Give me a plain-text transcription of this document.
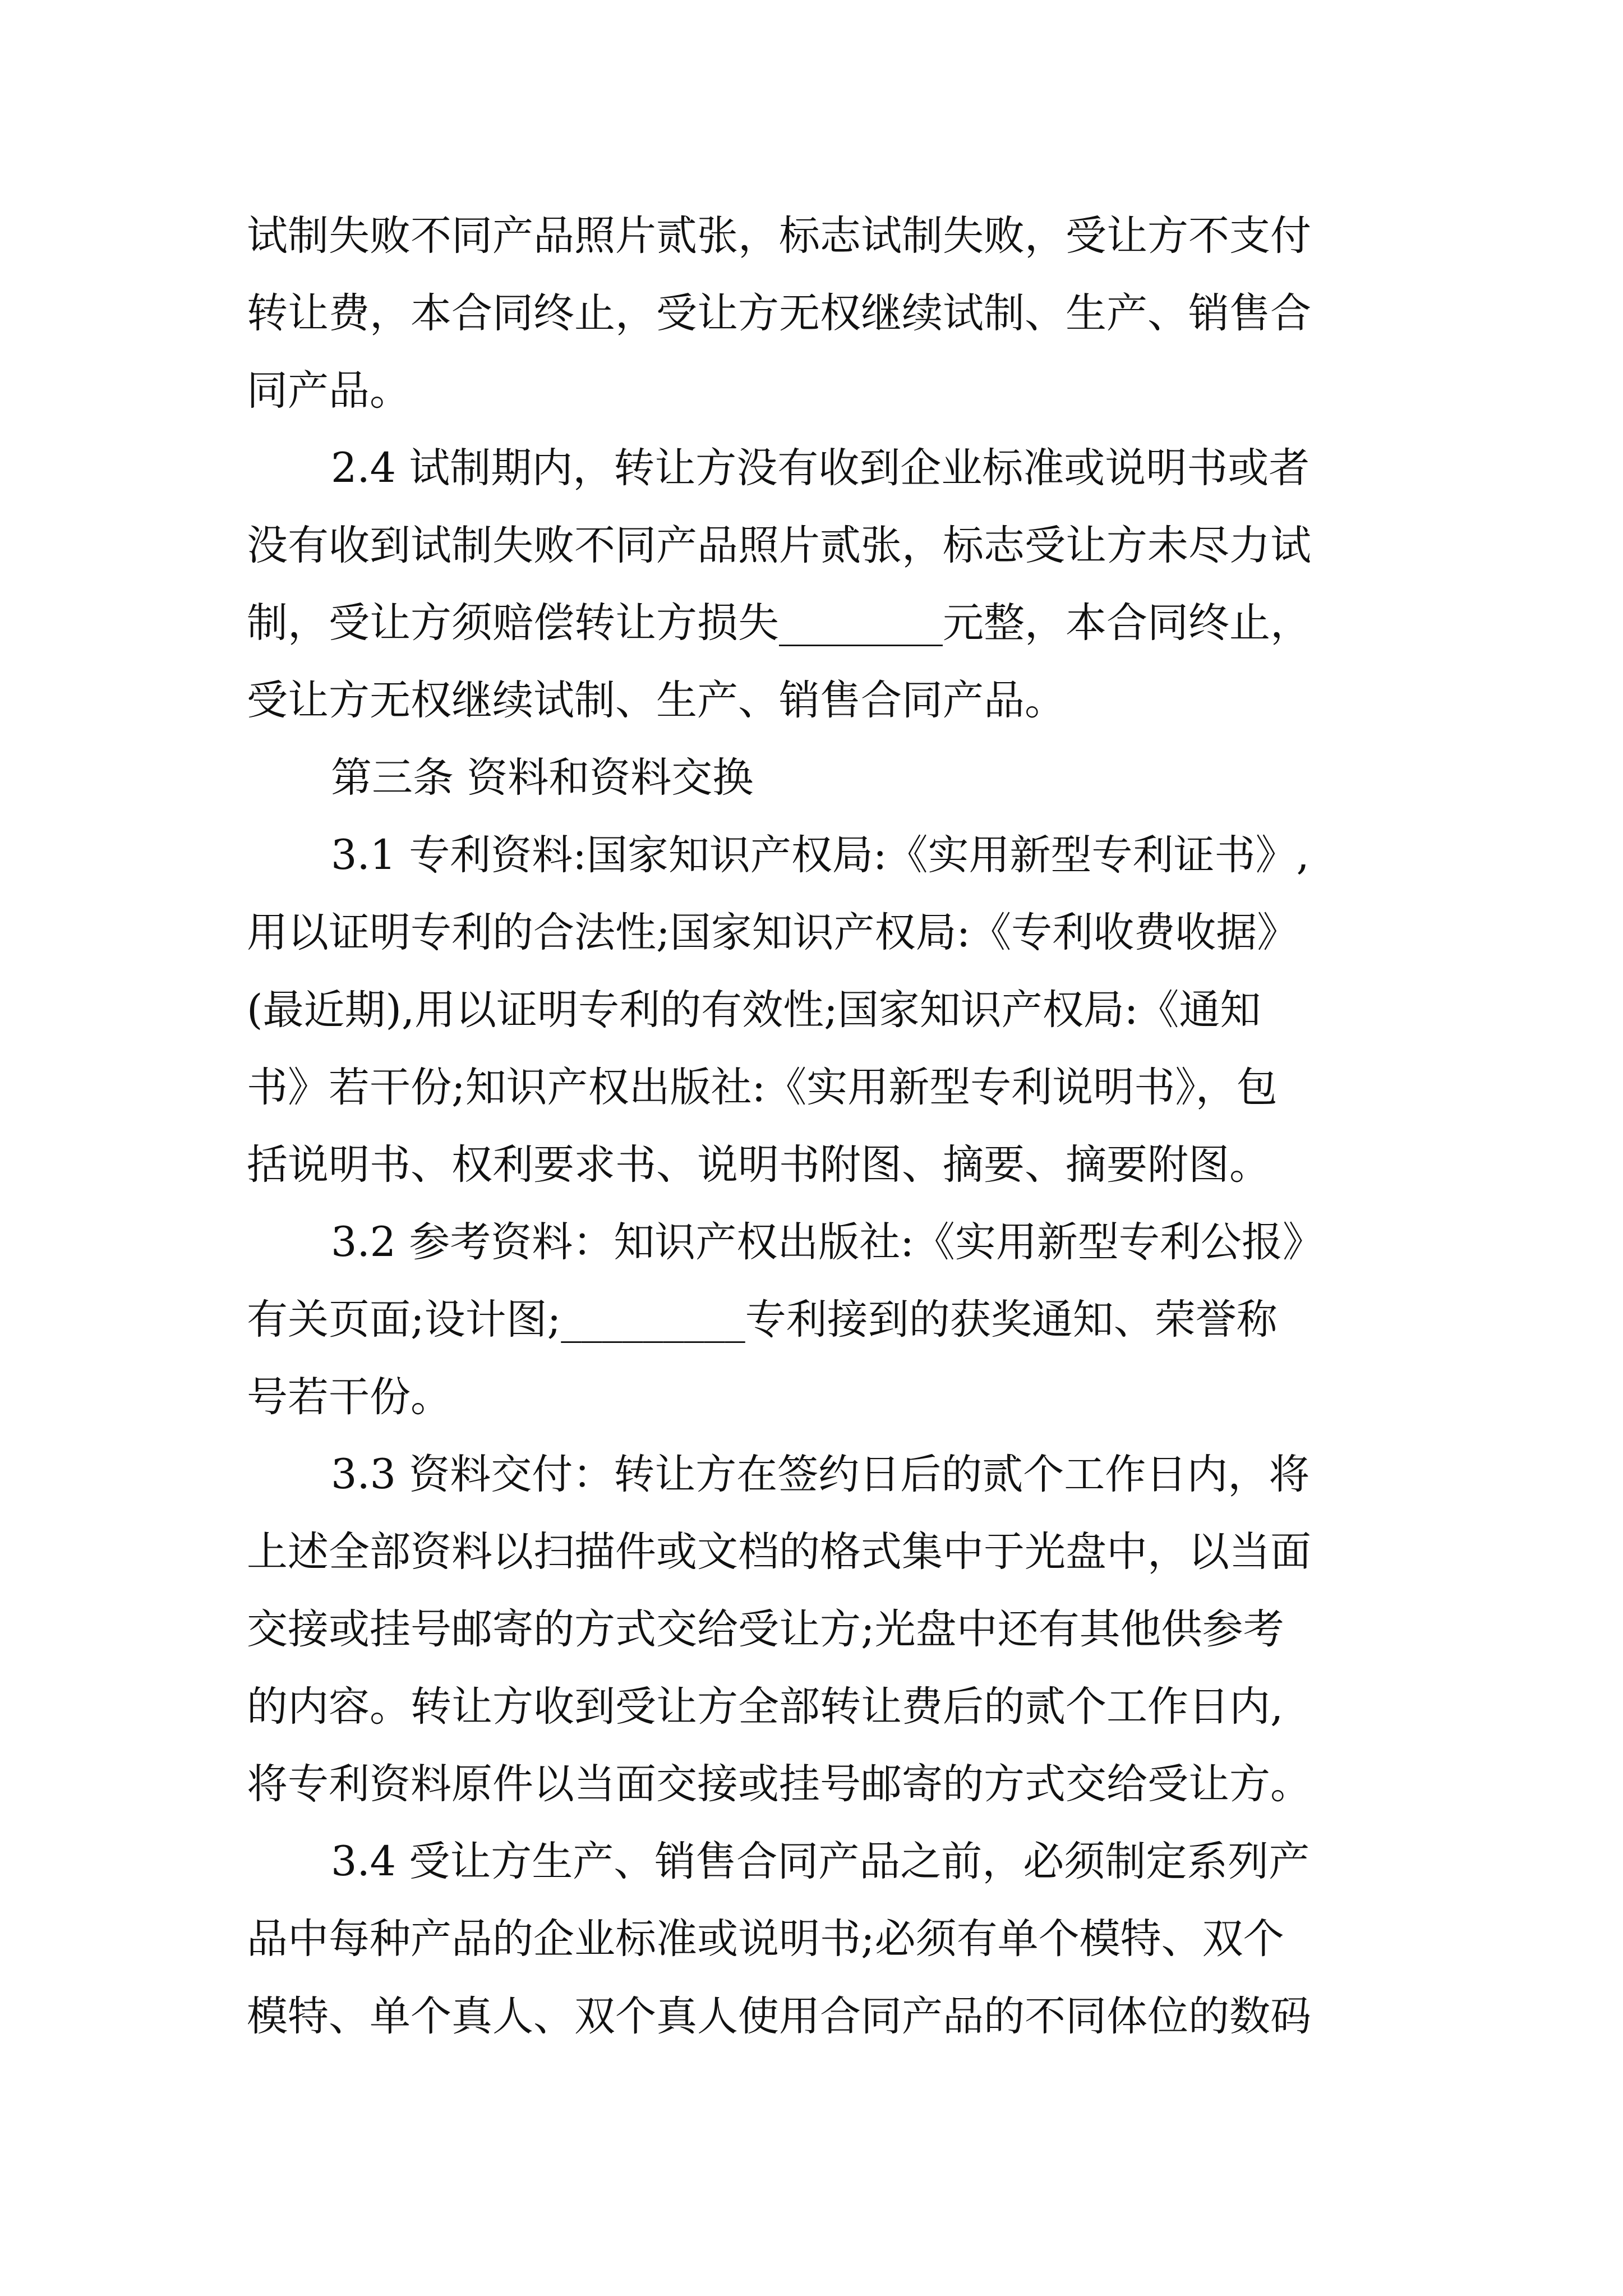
试制失败不同产品照片贰张，标志试制失败，受让方不支付
转让费，本合同终止，受让方无权继续试制、生产、销售合
同产品。
2.4 试制期内，转让方没有收到企业标准或说明书或者
没有收到试制失败不同产品照片贰张，标志受让方未尽力试
制，受让方须赔偿转让方损失________元整，本合同终止，
受让方无权继续试制、生产、销售合同产品。
第三条 资料和资料交换
3.1 专利资料:国家知识产权局:《实用新型专利证书》,
用以证明专利的合法性;国家知识产权局:《专利收费收据》
(最近期),用以证明专利的有效性;国家知识产权局:《通知
书》若干份;知识产权出版社:《实用新型专利说明书》，包
括说明书、权利要求书、说明书附图、摘要、摘要附图。
3.2 参考资料：知识产权出版社:《实用新型专利公报》
有关页面;设计图;_________专利接到的获奖通知、荣誉称
号若干份。
3.3 资料交付：转让方在签约日后的贰个工作日内，将
上述全部资料以扫描件或文档的格式集中于光盘中，以当面
交接或挂号邮寄的方式交给受让方;光盘中还有其他供参考
的内容。转让方收到受让方全部转让费后的贰个工作日内,
将专利资料原件以当面交接或挂号邮寄的方式交给受让方。
3.4 受让方生产、销售合同产品之前，必须制定系列产
品中每种产品的企业标准或说明书;必须有单个模特、双个
模特、单个真人、双个真人使用合同产品的不同体位的数码
